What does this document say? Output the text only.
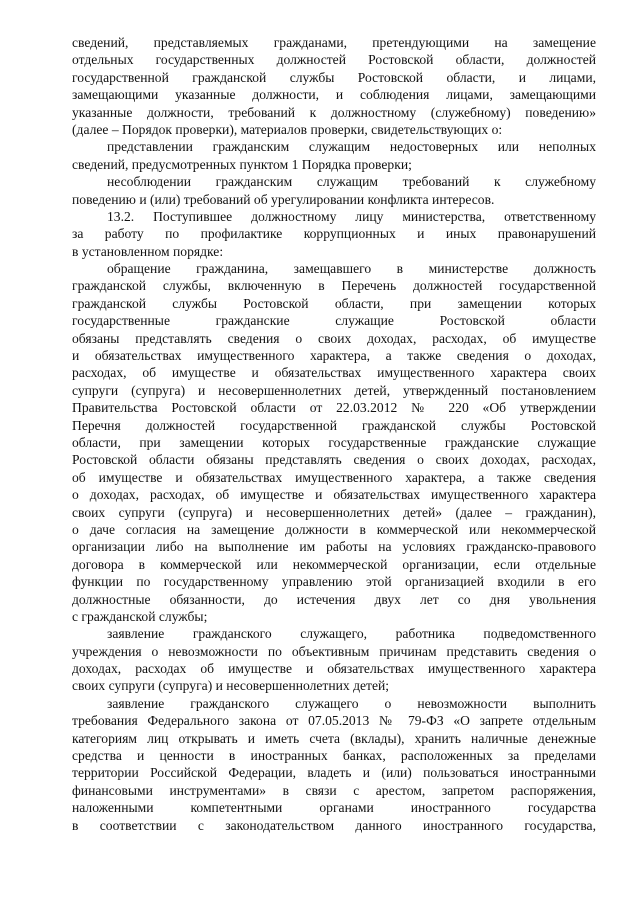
сведений, представляемых гражданами, претендующими на замещение
отдельных государственных должностей Ростовской области, должностей
государственной гражданской службы Ростовской области, и лицами,
замещающими указанные должности, и соблюдения лицами, замещающими
указанные должности, требований к должностному (служебному) поведению»
(далее – Порядок проверки), материалов проверки, свидетельствующих о:
представлении гражданским служащим недостоверных или неполных
сведений, предусмотренных пунктом 1 Порядка проверки;
несоблюдении гражданским служащим требований к служебному
поведению и (или) требований об урегулировании конфликта интересов.
13.2. Поступившее должностному лицу министерства, ответственному
за работу по профилактике коррупционных и иных правонарушений
в установленном порядке:
обращение гражданина, замещавшего в министерстве должность
гражданской службы, включенную в Перечень должностей государственной
гражданской службы Ростовской области, при замещении которых
государственные гражданские служащие Ростовской области
обязаны представлять сведения о своих доходах, расходах, об имуществе
и обязательствах имущественного характера, а также сведения о доходах,
расходах, об имуществе и обязательствах имущественного характера своих
супруги (супруга) и несовершеннолетних детей, утвержденный постановлением
Правительства Ростовской области от 22.03.2012 № 220 «Об утверждении
Перечня должностей государственной гражданской службы Ростовской
области, при замещении которых государственные гражданские служащие
Ростовской области обязаны представлять сведения о своих доходах, расходах,
об имуществе и обязательствах имущественного характера, а также сведения
о доходах, расходах, об имуществе и обязательствах имущественного характера
своих супруги (супруга) и несовершеннолетних детей» (далее – гражданин),
о даче согласия на замещение должности в коммерческой или некоммерческой
организации либо на выполнение им работы на условиях гражданско-правового
договора в коммерческой или некоммерческой организации, если отдельные
функции по государственному управлению этой организацией входили в его
должностные обязанности, до истечения двух лет со дня увольнения
с гражданской службы;
заявление гражданского служащего, работника подведомственного
учреждения о невозможности по объективным причинам представить сведения о
доходах, расходах об имуществе и обязательствах имущественного характера
своих супруги (супруга) и несовершеннолетних детей;
заявление гражданского служащего о невозможности выполнить
требования Федерального закона от 07.05.2013 № 79-ФЗ «О запрете отдельным
категориям лиц открывать и иметь счета (вклады), хранить наличные денежные
средства и ценности в иностранных банках, расположенных за пределами
территории Российской Федерации, владеть и (или) пользоваться иностранными
финансовыми инструментами» в связи с арестом, запретом распоряжения,
наложенными компетентными органами иностранного государства
в соответствии с законодательством данного иностранного государства,
